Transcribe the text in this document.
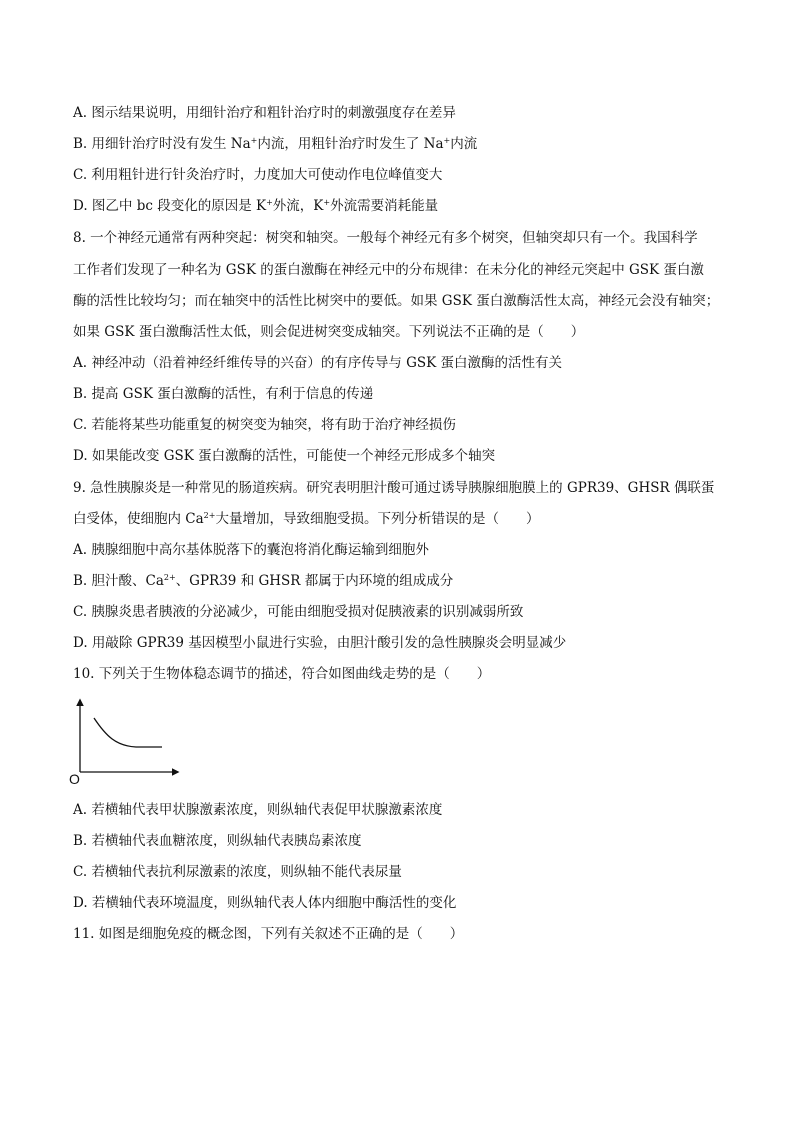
A. 图示结果说明，用细针治疗和粗针治疗时的刺激强度存在差异
B. 用细针治疗时没有发生 Na+内流，用粗针治疗时发生了 Na+内流
C. 利用粗针进行针灸治疗时，力度加大可使动作电位峰值变大
D. 图乙中 bc 段变化的原因是 K+外流，K+外流需要消耗能量
8. 一个神经元通常有两种突起：树突和轴突。一般每个神经元有多个树突，但轴突却只有一个。我国科学
工作者们发现了一种名为 GSK 的蛋白激酶在神经元中的分布规律：在未分化的神经元突起中 GSK 蛋白激
酶的活性比较均匀；而在轴突中的活性比树突中的要低。如果 GSK 蛋白激酶活性太高，神经元会没有轴突；
如果 GSK 蛋白激酶活性太低，则会促进树突变成轴突。下列说法不正确的是（　　）
A. 神经冲动（沿着神经纤维传导的兴奋）的有序传导与 GSK 蛋白激酶的活性有关
B. 提高 GSK 蛋白激酶的活性，有利于信息的传递
C. 若能将某些功能重复的树突变为轴突，将有助于治疗神经损伤
D. 如果能改变 GSK 蛋白激酶的活性，可能使一个神经元形成多个轴突
9. 急性胰腺炎是一种常见的肠道疾病。研究表明胆汁酸可通过诱导胰腺细胞膜上的 GPR39、GHSR 偶联蛋
白受体，使细胞内 $Ca^{2+}$大量增加，导致细胞受损。下列分析错误的是（　　）
A. 胰腺细胞中高尔基体脱落下的囊泡将消化酶运输到细胞外
B. 胆汁酸、$Ca^{2+}$、GPR39 和 GHSR 都属于内环境的组成成分
C. 胰腺炎患者胰液的分泌减少，可能由细胞受损对促胰液素的识别减弱所致
D. 用敲除 GPR39 基因模型小鼠进行实验，由胆汁酸引发的急性胰腺炎会明显减少
10. 下列关于生物体稳态调节的描述，符合如图曲线走势的是（　　）
O
A. 若横轴代表甲状腺激素浓度，则纵轴代表促甲状腺激素浓度
B. 若横轴代表血糖浓度，则纵轴代表胰岛素浓度
C. 若横轴代表抗利尿激素的浓度，则纵轴不能代表尿量
D. 若横轴代表环境温度，则纵轴代表人体内细胞中酶活性的变化
11. 如图是细胞免疫的概念图，下列有关叙述不正确的是（　　）
